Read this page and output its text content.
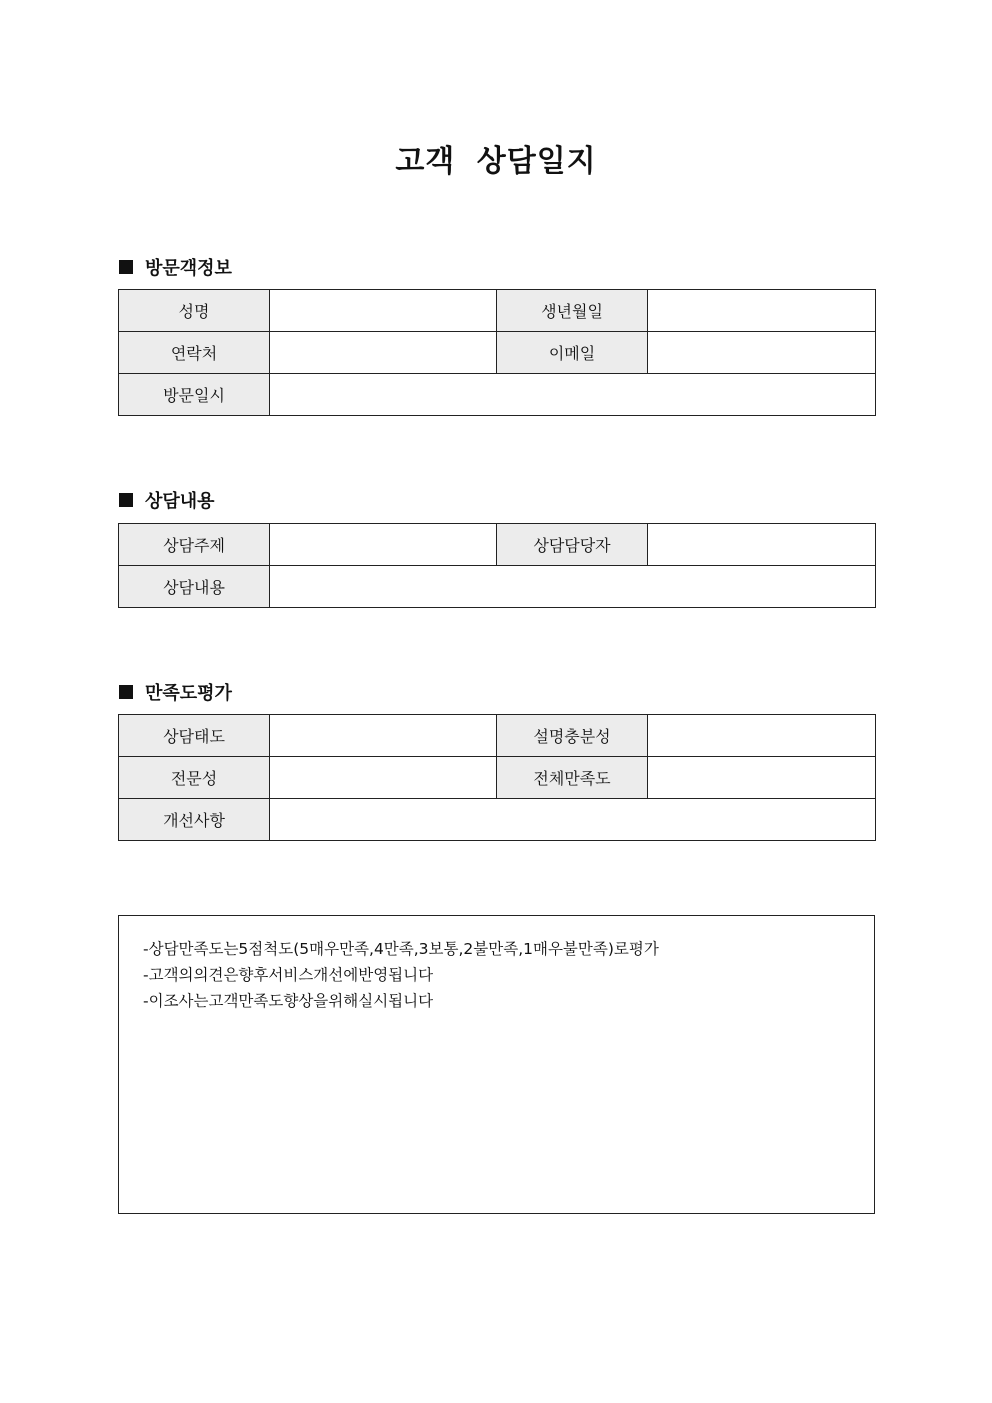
고객 상담일지
방문객정보
성명		생년월일	
연락처		이메일	
방문일시			
상담내용
상담주제		상담담당자	
상담내용			
만족도평가
상담태도		설명충분성	
전문성		전체만족도	
개선사항			
-상담만족도는5점척도(5매우만족,4만족,3보통,2불만족,1매우불만족)로평가
-고객의의견은향후서비스개선에반영됩니다
-이조사는고객만족도향상을위해실시됩니다
